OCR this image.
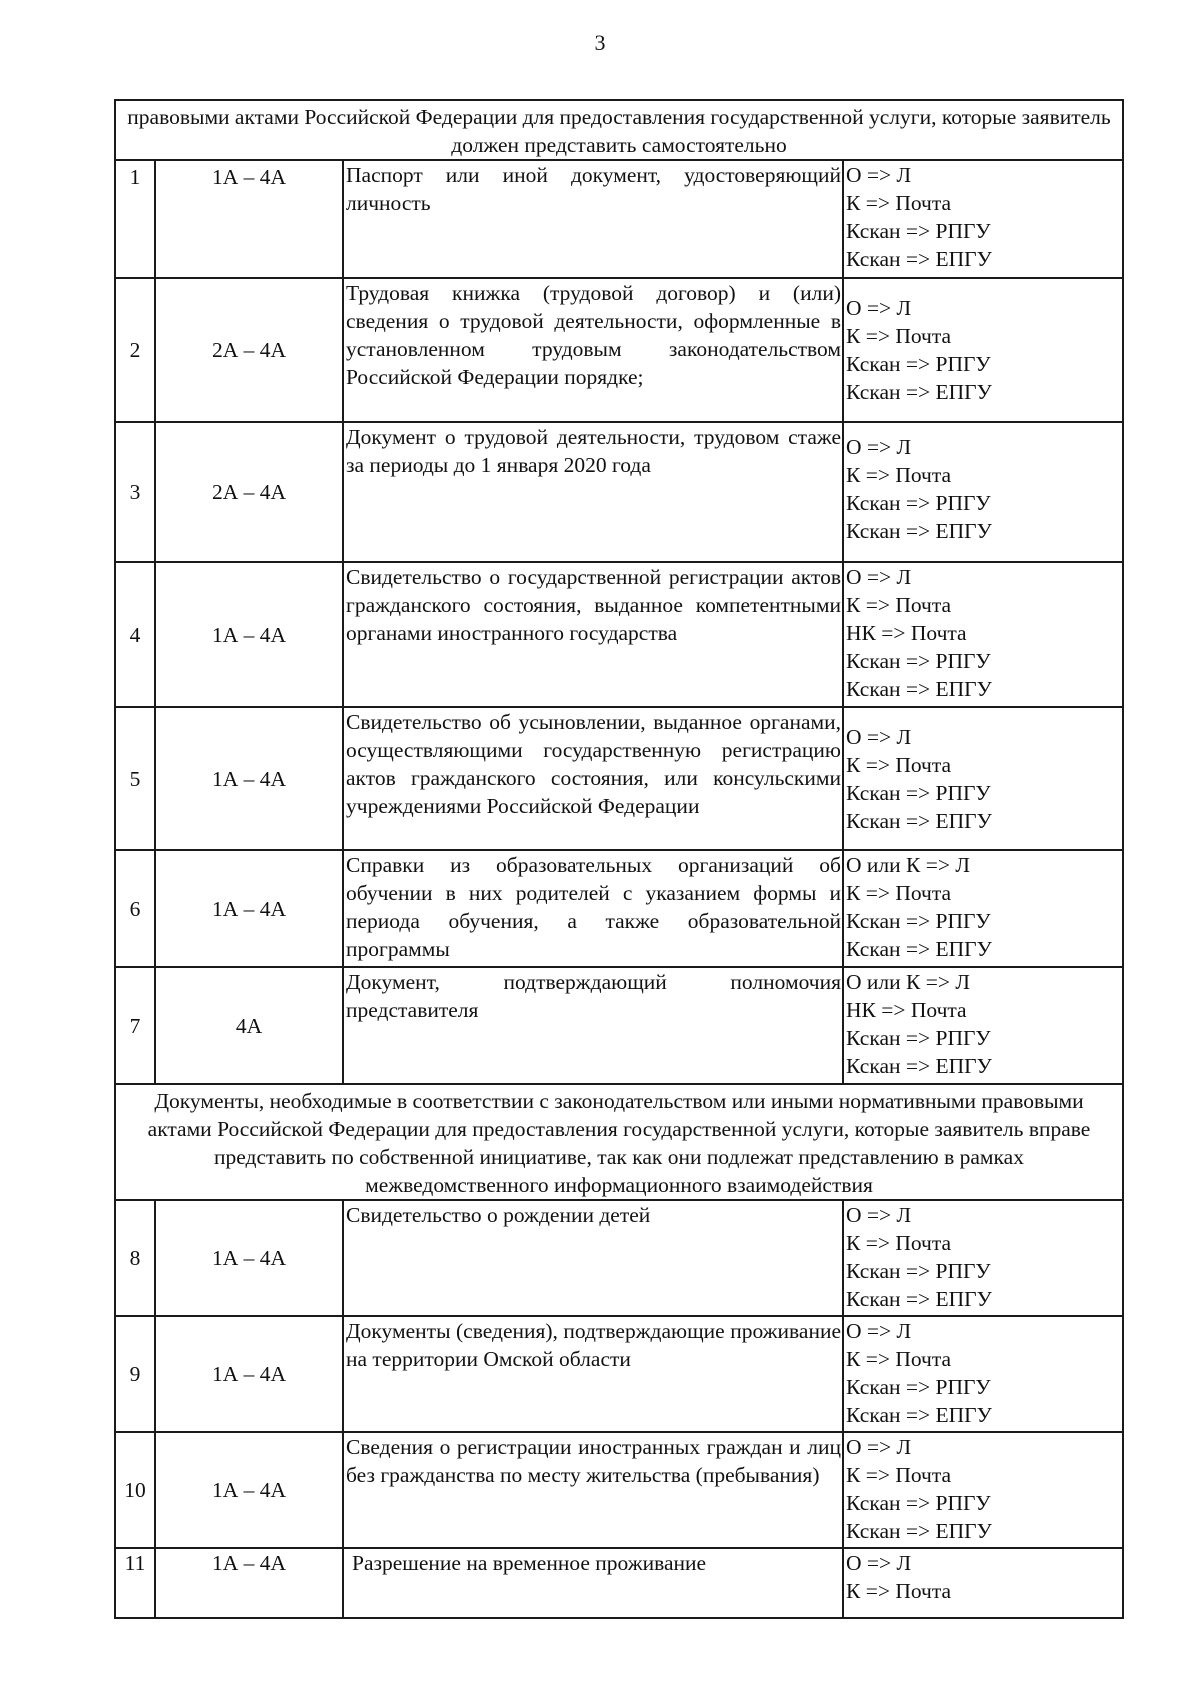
3
правовыми актами Российской Федерации для предоставления государственной услуги, которые заявитель должен представить самостоятельно			
1	1А – 4А	Паспорт или иной документ, удостоверяющий личность	О => Л
К => Почта
Кскан => РПГУ
Кскан => ЕПГУ

2	2А – 4А	Трудовая книжка (трудовой договор) и (или) сведения о трудовой деятельности, оформленные в установленном трудовым законодательством Российской Федерации порядке;	О => Л
К => Почта
Кскан => РПГУ
Кскан => ЕПГУ

3	2А – 4А	Документ о трудовой деятельности, трудовом стаже за периоды до 1 января 2020 года	О => Л
К => Почта
Кскан => РПГУ
Кскан => ЕПГУ

4	1А – 4А	Свидетельство о государственной регистрации актов гражданского состояния, выданное компетентными органами иностранного государства	О => Л
К => Почта
НК => Почта
Кскан => РПГУ
Кскан => ЕПГУ

5	1А – 4А	Свидетельство об усыновлении, выданное органами, осуществляющими государственную регистрацию актов гражданского состояния, или консульскими учреждениями Российской Федерации	О => Л
К => Почта
Кскан => РПГУ
Кскан => ЕПГУ

6	1А – 4А	Справки из образовательных организаций об обучении в них родителей с указанием формы и периода обучения, а также образовательной программы	О или К => Л
К => Почта
Кскан => РПГУ
Кскан => ЕПГУ

7	4А	Документ, подтверждающий полномочия представителя	О или К => Л
НК => Почта
Кскан => РПГУ
Кскан => ЕПГУ

Документы, необходимые в соответствии с законодательством или иными нормативными правовыми актами Российской Федерации для предоставления государственной услуги, которые заявитель вправе представить по собственной инициативе, так как они подлежат представлению в рамках межведомственного информационного взаимодействия			
8	1А – 4А	Свидетельство о рождении детей	О => Л
К => Почта
Кскан => РПГУ
Кскан => ЕПГУ

9	1А – 4А	Документы (сведения), подтверждающие проживание на территории Омской области	О => Л
К => Почта
Кскан => РПГУ
Кскан => ЕПГУ

10	1А – 4А	Сведения о регистрации иностранных граждан и лиц без гражданства по месту жительства (пребывания)	О => Л
К => Почта
Кскан => РПГУ
Кскан => ЕПГУ

11	1А – 4А	Разрешение на временное проживание	О => Л
К => Почта
